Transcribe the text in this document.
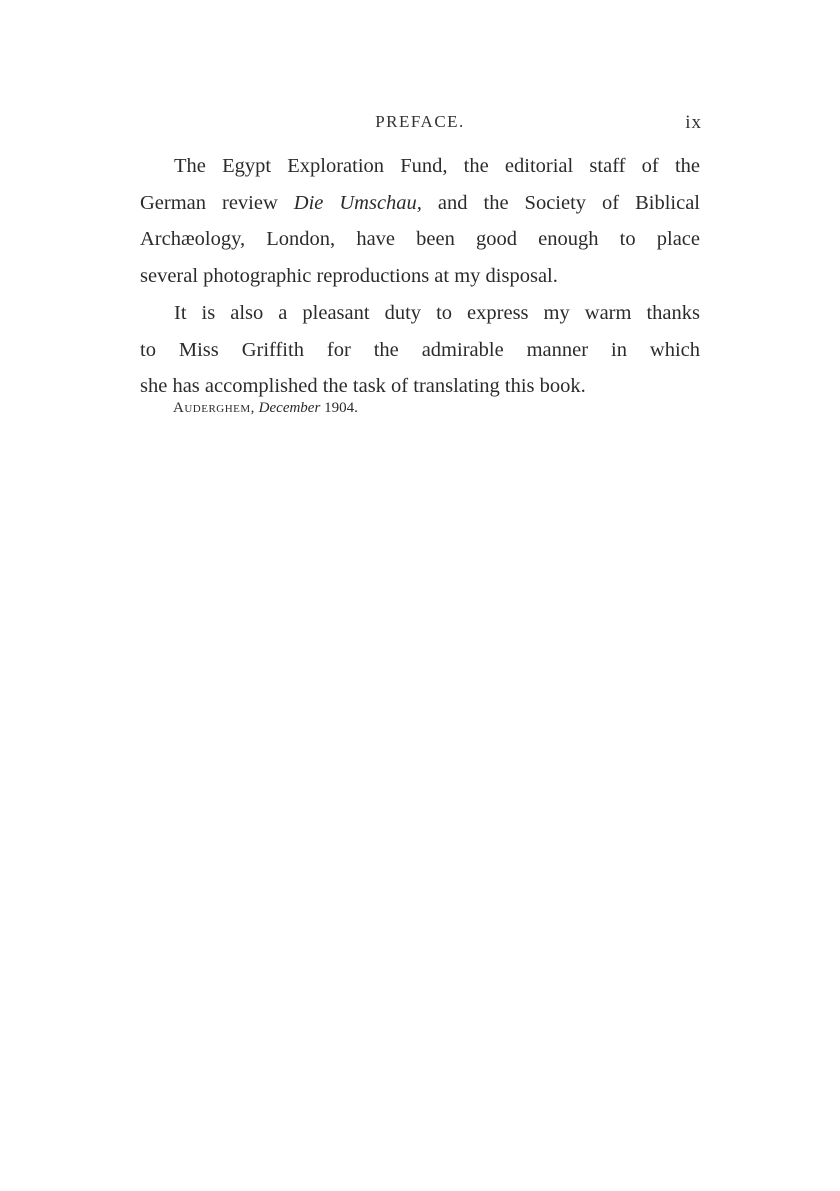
PREFACE.	ix
The Egypt Exploration Fund, the editorial staff of the
German review Die Umschau, and the Society of Biblical
Archæology, London, have been good enough to place
several photographic reproductions at my disposal.
It is also a pleasant duty to express my warm thanks
to Miss Griffith for the admirable manner in which
she has accomplished the task of translating this book.
Auderghem, December 1904.
